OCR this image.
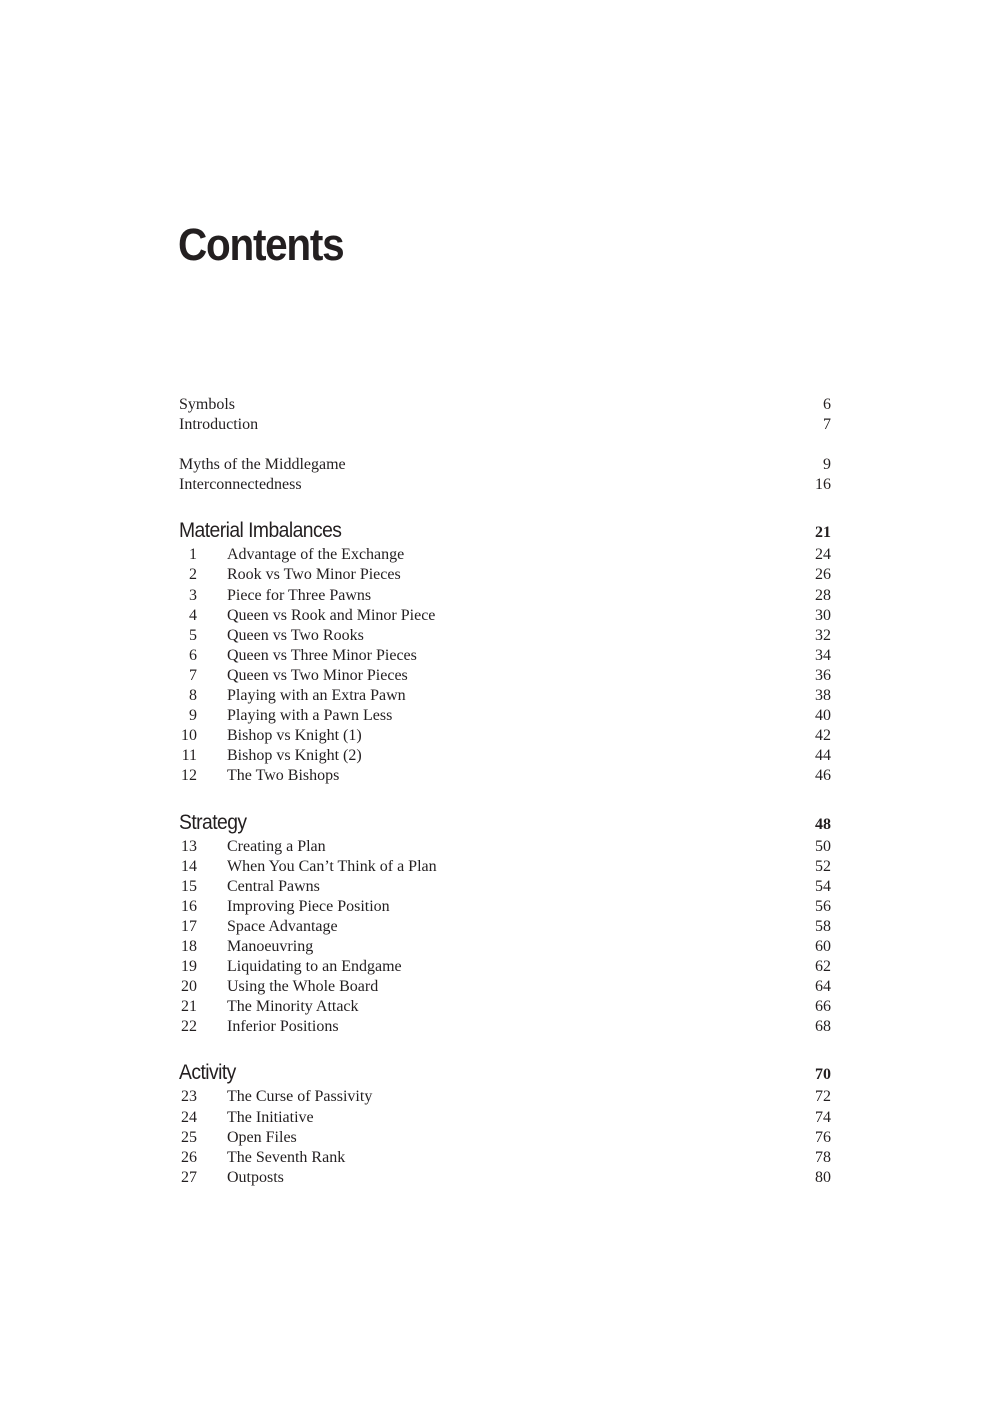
Contents
Symbols	6
Introduction	7
Myths of the Middlegame	9
Interconnectedness	16
Material Imbalances	21
1	Advantage of the Exchange	24
2	Rook vs Two Minor Pieces	26
3	Piece for Three Pawns	28
4	Queen vs Rook and Minor Piece	30
5	Queen vs Two Rooks	32
6	Queen vs Three Minor Pieces	34
7	Queen vs Two Minor Pieces	36
8	Playing with an Extra Pawn	38
9	Playing with a Pawn Less	40
10	Bishop vs Knight (1)	42
11	Bishop vs Knight (2)	44
12	The Two Bishops	46
Strategy	48
13	Creating a Plan	50
14	When You Can’t Think of a Plan	52
15	Central Pawns	54
16	Improving Piece Position	56
17	Space Advantage	58
18	Manoeuvring	60
19	Liquidating to an Endgame	62
20	Using the Whole Board	64
21	The Minority Attack	66
22	Inferior Positions	68
Activity	70
23	The Curse of Passivity	72
24	The Initiative	74
25	Open Files	76
26	The Seventh Rank	78
27	Outposts	80
